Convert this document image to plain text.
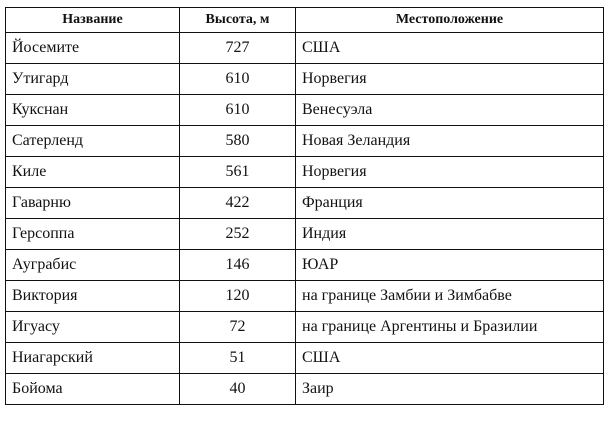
Название	Высота, м	Местоположение
Йосемите	727	США
Утигард	610	Норвегия
Кукснан	610	Венесуэла
Сатерленд	580	Новая Зеландия
Киле	561	Норвегия
Гаварню	422	Франция
Герсоппа	252	Индия
Ауграбис	146	ЮАР
Виктория	120	на границе Замбии и Зимбабве
Игуасу	72	на границе Аргентины и Бразилии
Ниагарский	51	США
Бойома	40	Заир
